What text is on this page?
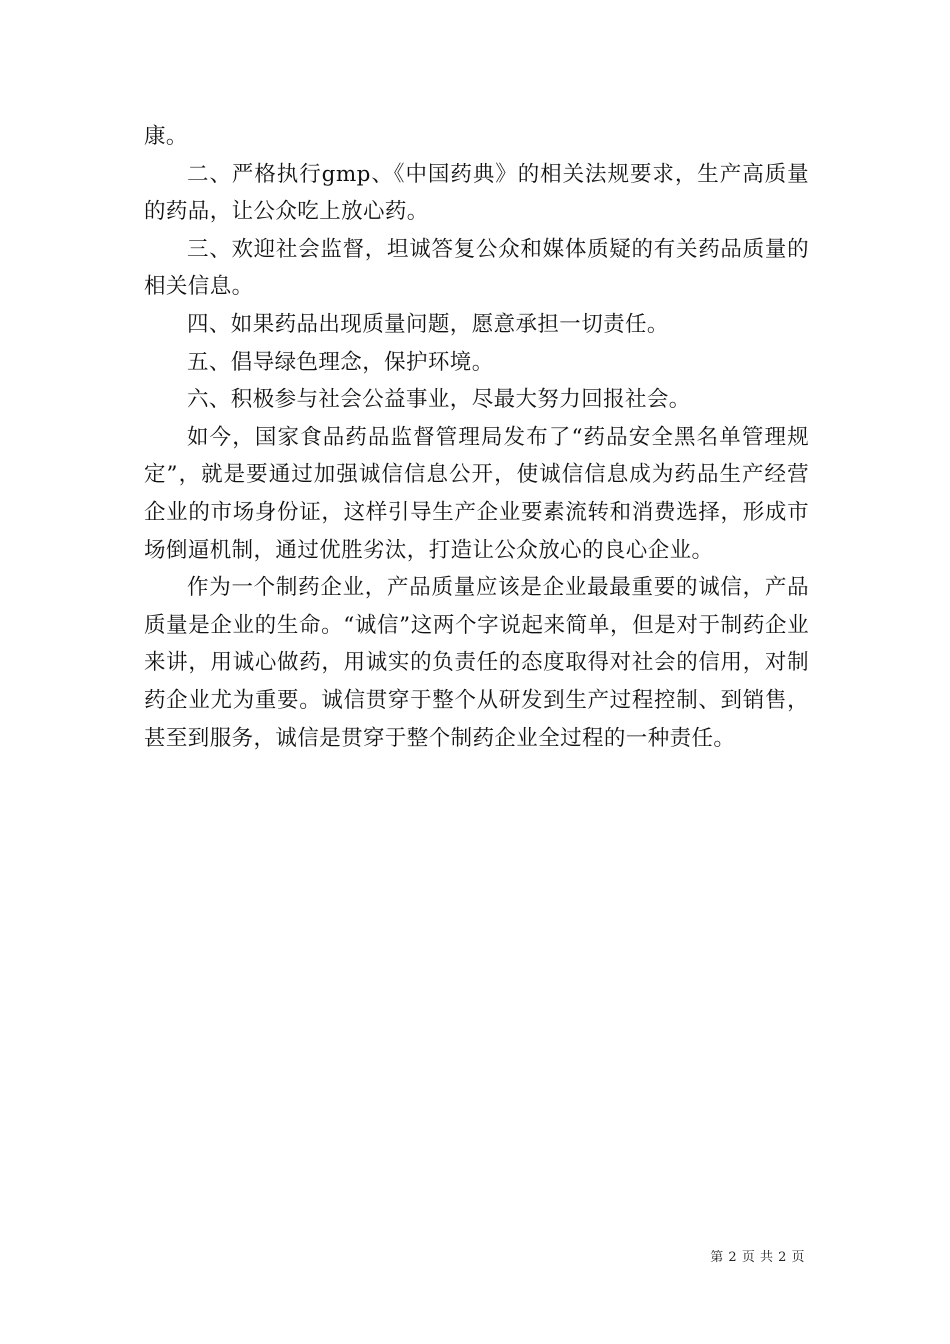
康。

二、严格执行gmp、《中国药典》的相关法规要求，生产高质量的药品，让公众吃上放心药。

三、欢迎社会监督，坦诚答复公众和媒体质疑的有关药品质量的相关信息。

四、如果药品出现质量问题，愿意承担一切责任。

五、倡导绿色理念，保护环境。

六、积极参与社会公益事业，尽最大努力回报社会。

如今，国家食品药品监督管理局发布了“药品安全黑名单管理规定”，就是要通过加强诚信信息公开，使诚信信息成为药品生产经营企业的市场身份证，这样引导生产企业要素流转和消费选择，形成市场倒逼机制，通过优胜劣汰，打造让公众放心的良心企业。

作为一个制药企业，产品质量应该是企业最最重要的诚信，产品质量是企业的生命。“诚信”这两个字说起来简单，但是对于制药企业来讲，用诚心做药，用诚实的负责任的态度取得对社会的信用，对制药企业尤为重要。诚信贯穿于整个从研发到生产过程控制、到销售，甚至到服务，诚信是贯穿于整个制药企业全过程的一种责任。

第 2 页 共 2 页
